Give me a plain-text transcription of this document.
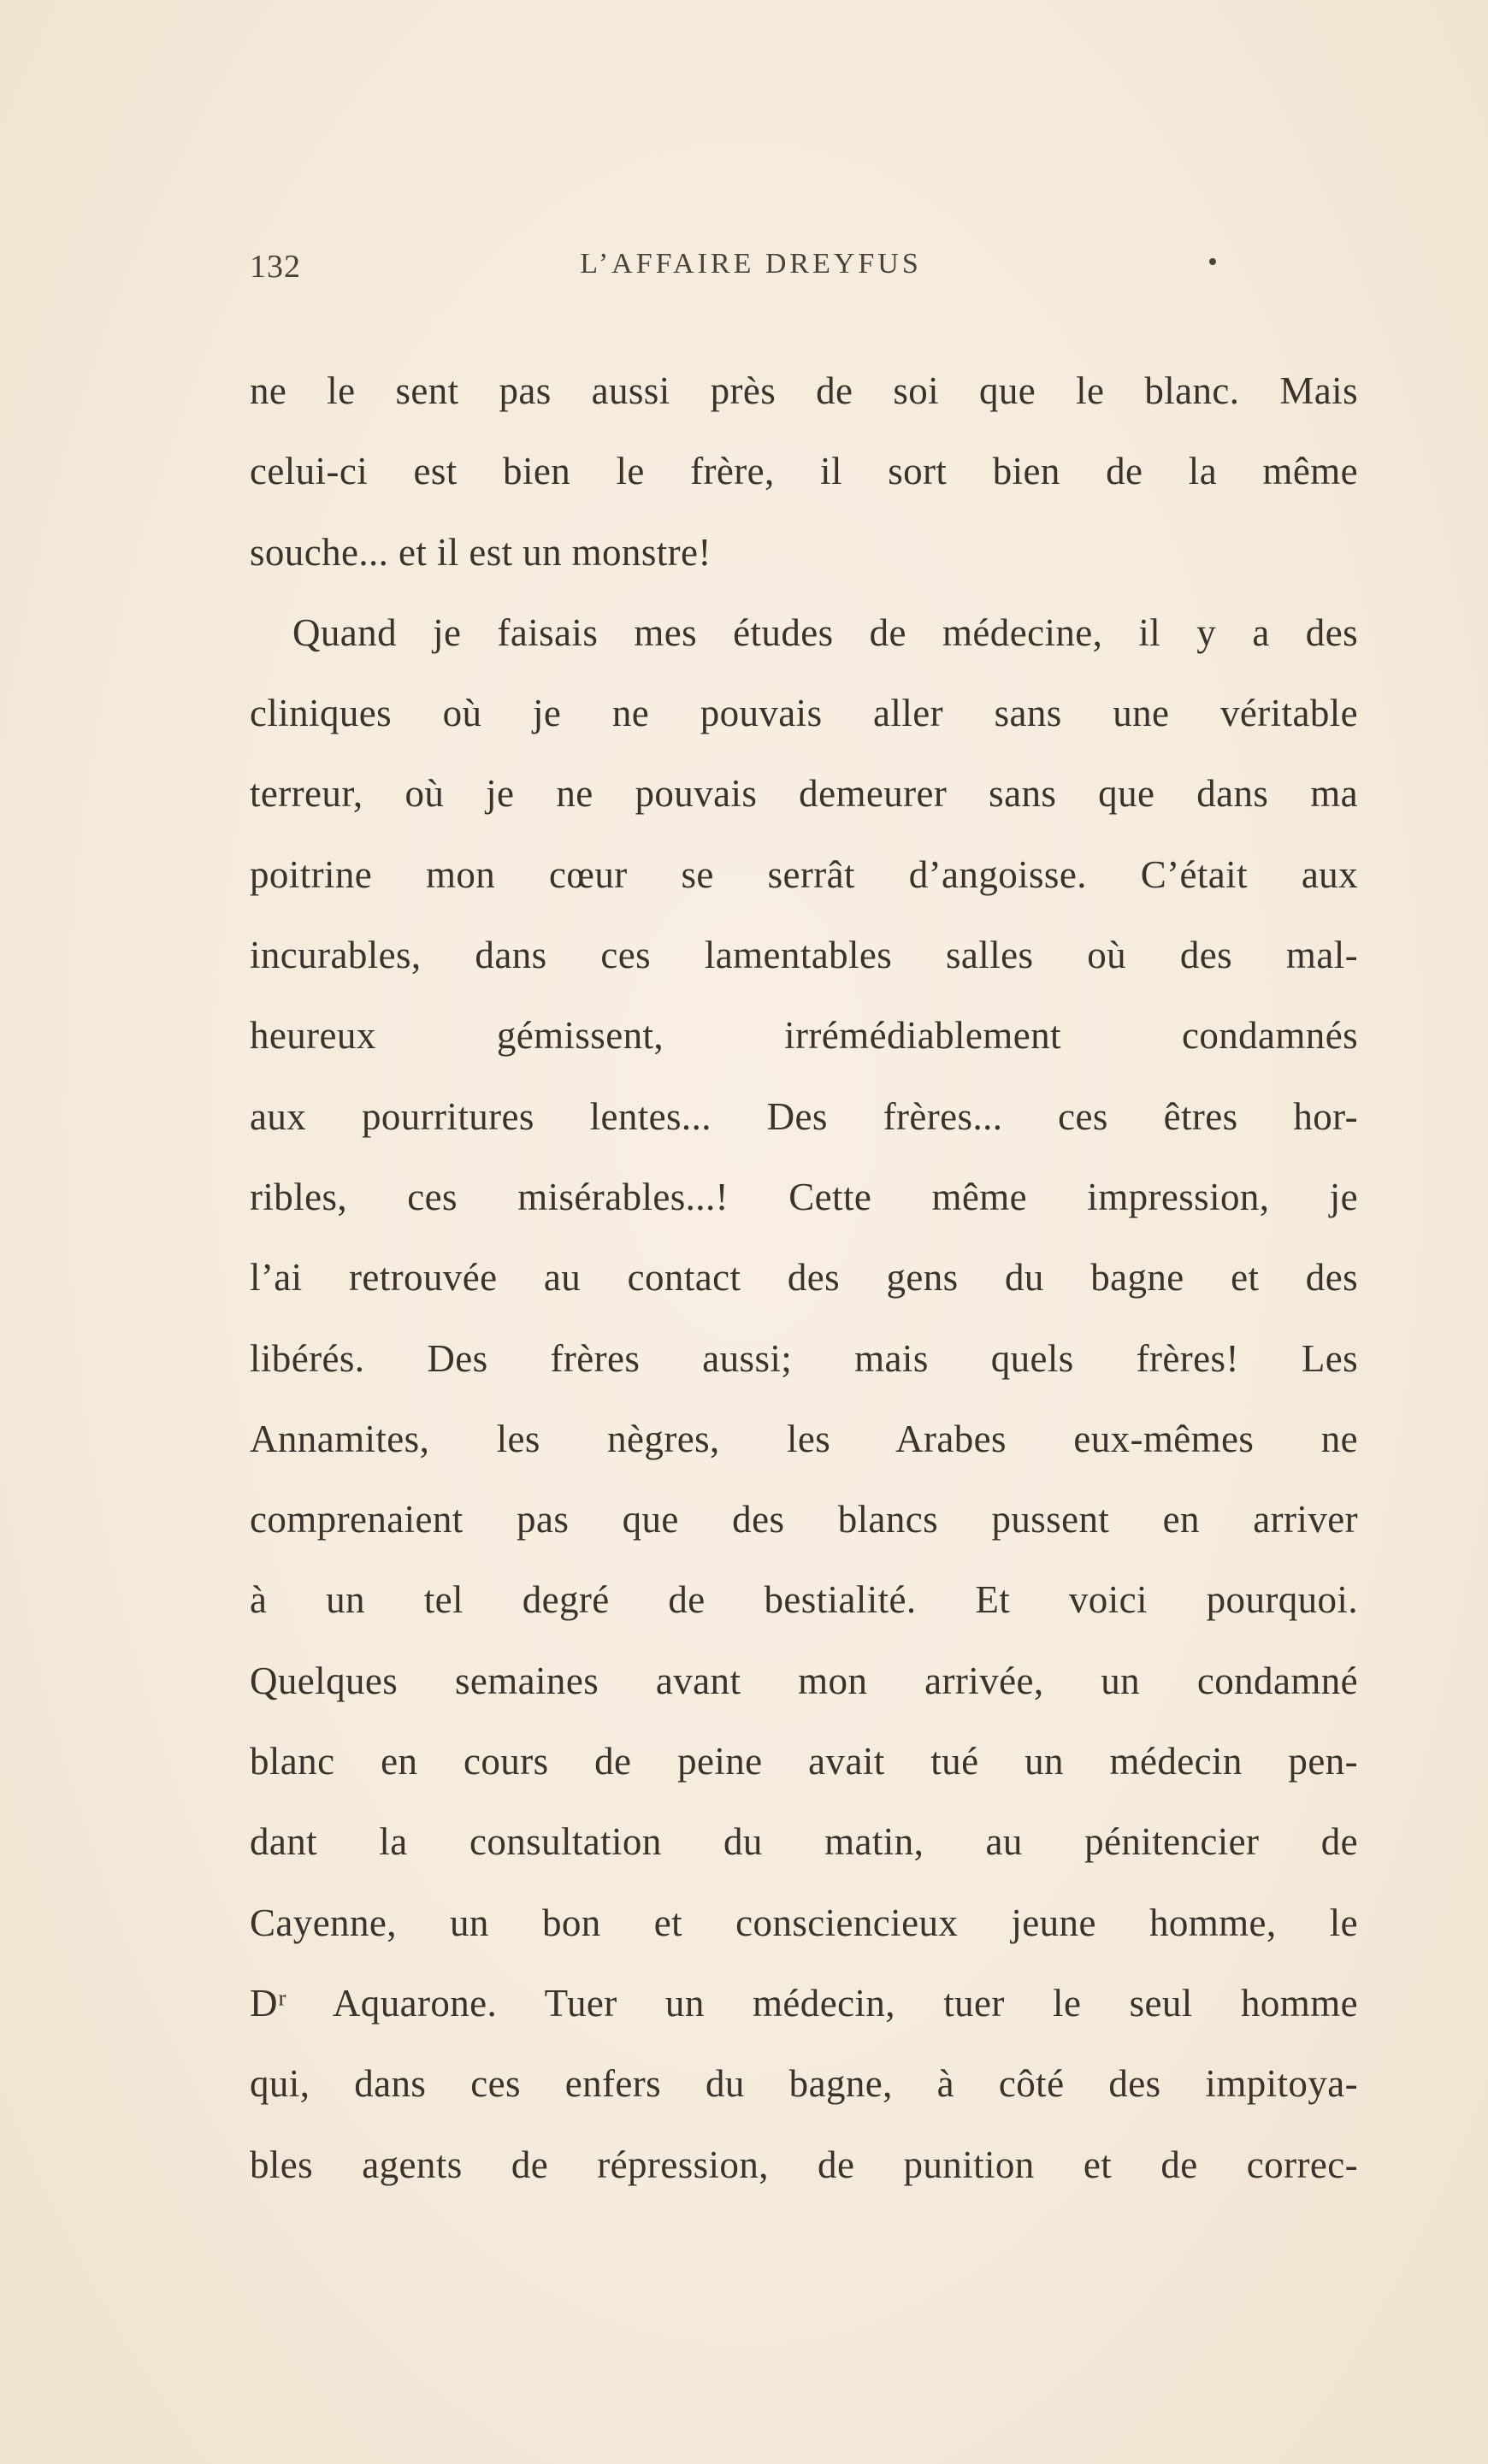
132	L’AFFAIRE DREYFUS
ne le sent pas aussi près de soi que le blanc. Mais
celui-ci est bien le frère, il sort bien de la même
souche... et il est un monstre!
Quand je faisais mes études de médecine, il y a des
cliniques où je ne pouvais aller sans une véritable
terreur, où je ne pouvais demeurer sans que dans ma
poitrine mon cœur se serrât d’angoisse. C’était aux
incurables, dans ces lamentables salles où des mal-
heureux gémissent, irrémédiablement condamnés
aux pourritures lentes... Des frères... ces êtres hor-
ribles, ces misérables...! Cette même impression, je
l’ai retrouvée au contact des gens du bagne et des
libérés. Des frères aussi; mais quels frères! Les
Annamites, les nègres, les Arabes eux-mêmes ne
comprenaient pas que des blancs pussent en arriver
à un tel degré de bestialité. Et voici pourquoi.
Quelques semaines avant mon arrivée, un condamné
blanc en cours de peine avait tué un médecin pen-
dant la consultation du matin, au pénitencier de
Cayenne, un bon et consciencieux jeune homme, le
Dʳ Aquarone. Tuer un médecin, tuer le seul homme
qui, dans ces enfers du bagne, à côté des impitoya-
bles agents de répression, de punition et de correc-
